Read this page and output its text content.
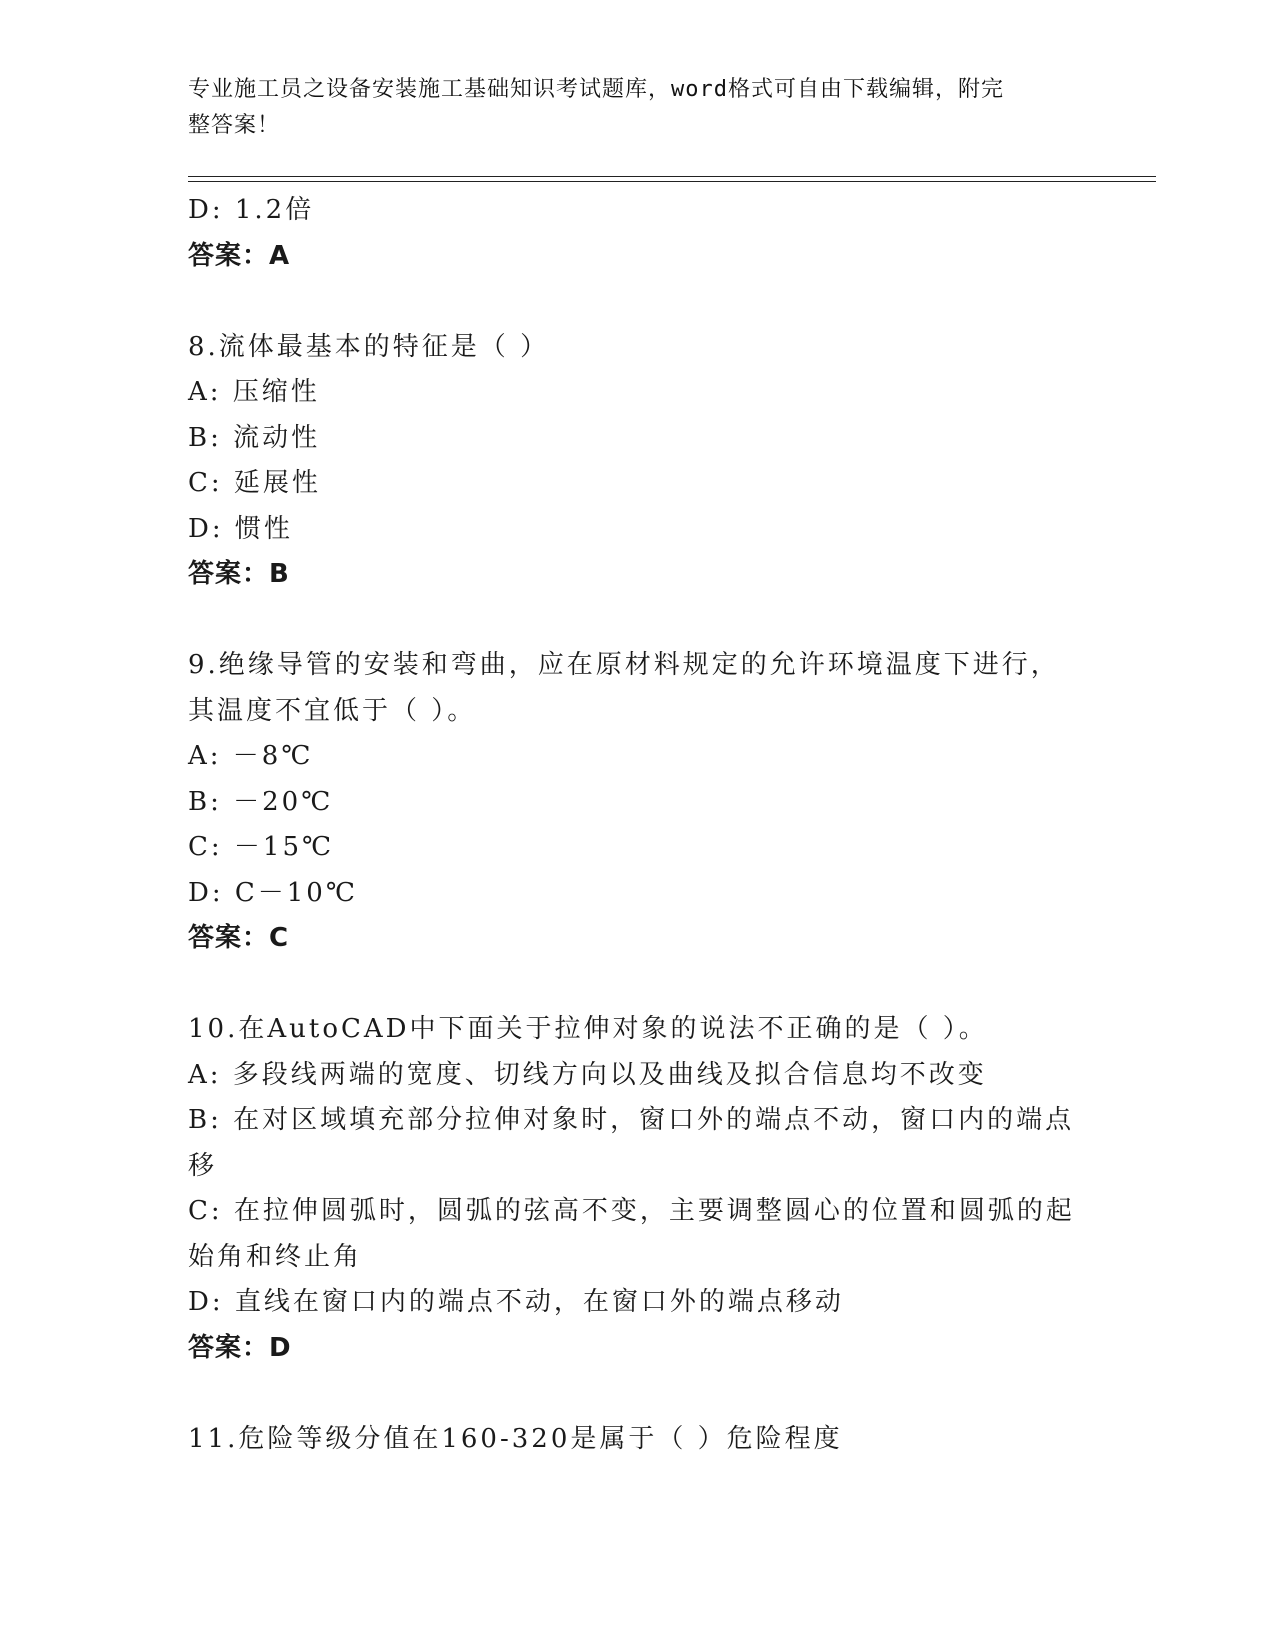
专业施工员之设备安装施工基础知识考试题库，word格式可自由下载编辑，附完
整答案！
D: 1.2倍
答案：A
8.流体最基本的特征是（ ）
A: 压缩性
B: 流动性
C: 延展性
D: 惯性
答案：B
9.绝缘导管的安装和弯曲，应在原材料规定的允许环境温度下进行，
其温度不宜低于（ ）。
A: －8℃
B: －20℃
C: －15℃
D: C－10℃
答案：C
10.在AutoCAD中下面关于拉伸对象的说法不正确的是（ ）。
A: 多段线两端的宽度、切线方向以及曲线及拟合信息均不改变
B: 在对区域填充部分拉伸对象时，窗口外的端点不动，窗口内的端点
移
C: 在拉伸圆弧时，圆弧的弦高不变，主要调整圆心的位置和圆弧的起
始角和终止角
D: 直线在窗口内的端点不动，在窗口外的端点移动
答案：D
11.危险等级分值在160-320是属于（ ）危险程度
